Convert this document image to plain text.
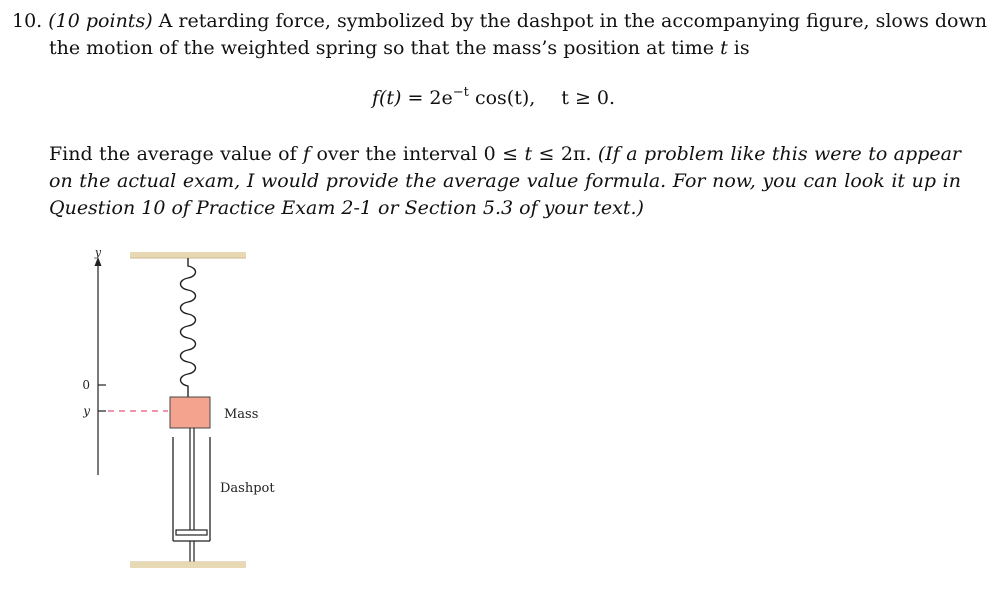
10. (10 points) A retarding force, symbolized by the dashpot in the accompanying figure, slows down
the motion of the weighted spring so that the mass’s position at time t is
$f(t) = 2e^{-t}$ cos(t), t ≥ 0.
Find the average value of f over the interval 0 ≤ t ≤ 2π. (If a problem like this were to appear
on the actual exam, I would provide the average value formula. For now, you can look it up in
Question 10 of Practice Exam 2-1 or Section 5.3 of your text.)
y
0
y	Mass
Dashpot
